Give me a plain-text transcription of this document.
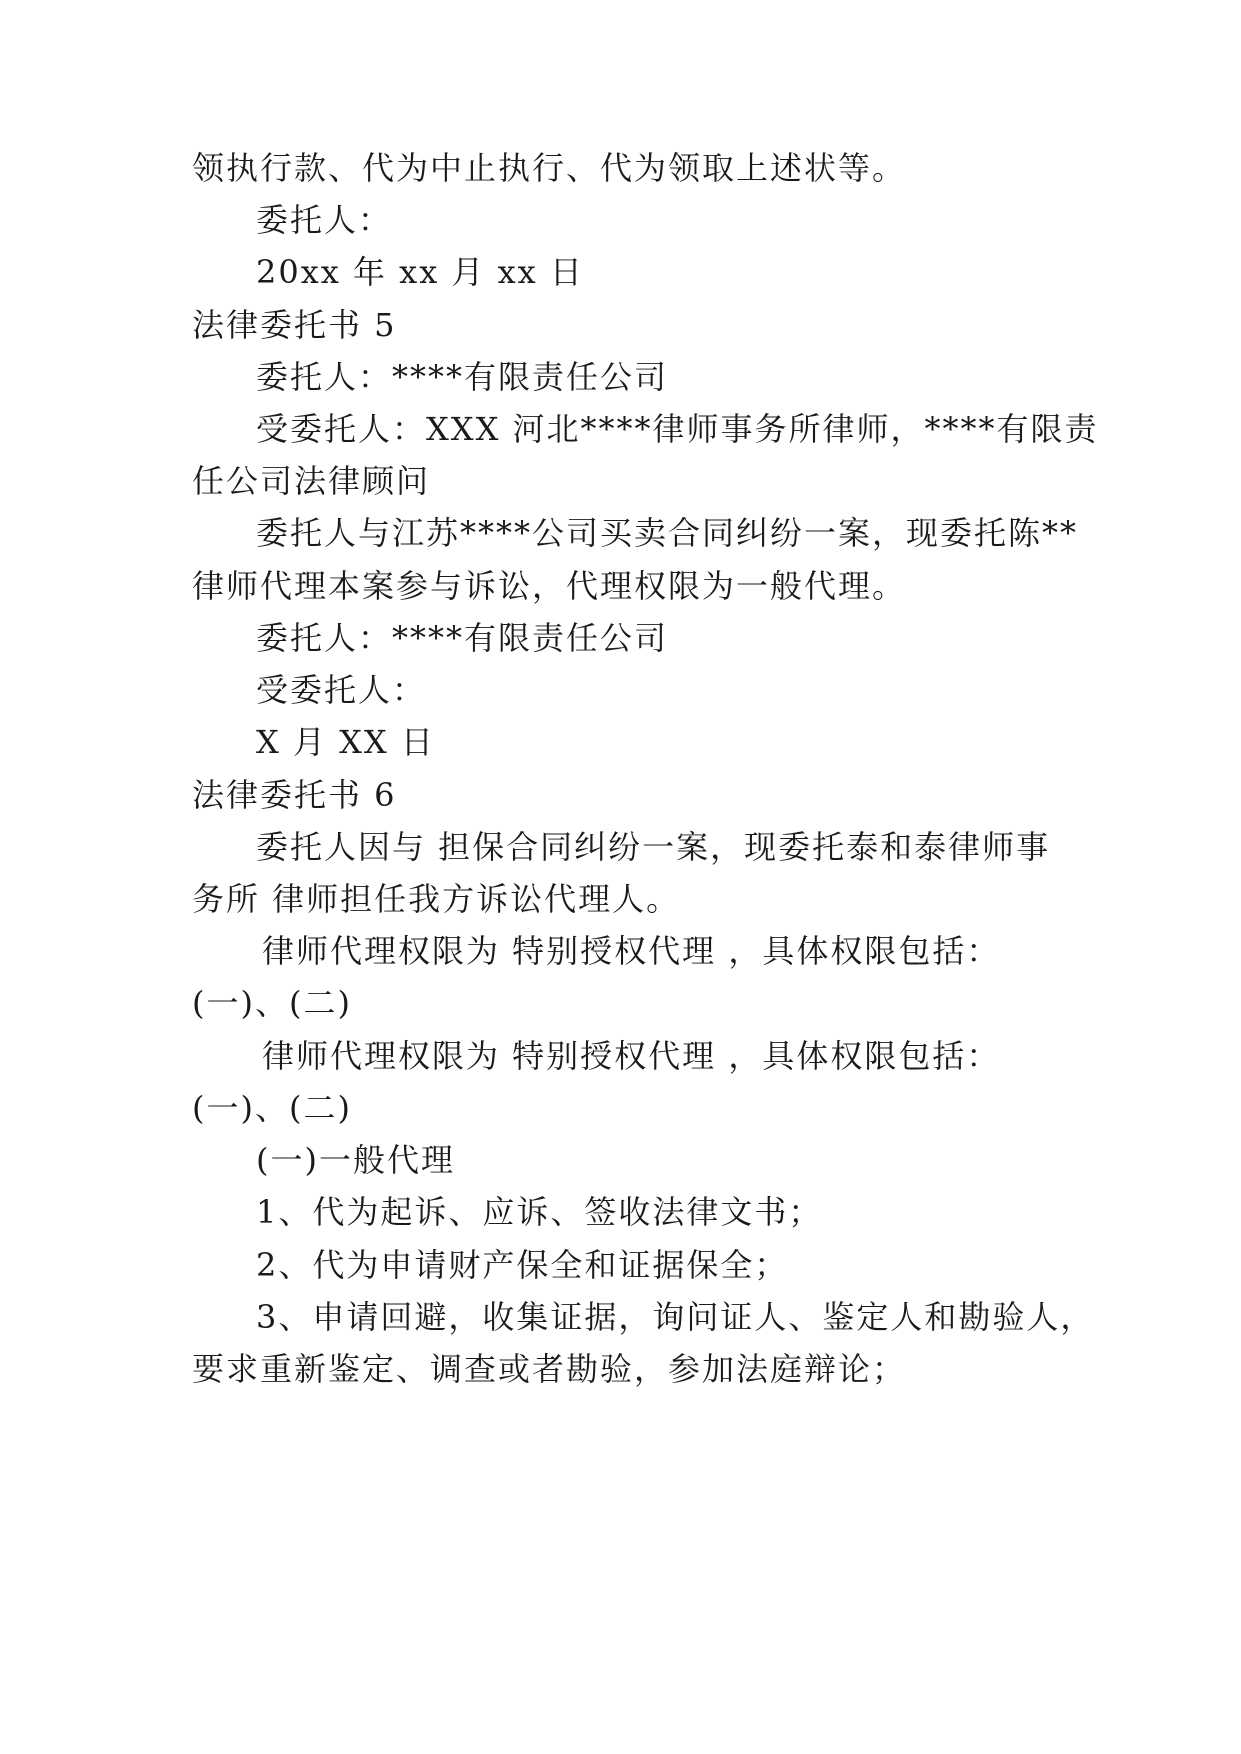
领执行款、代为中止执行、代为领取上述状等。
委托人：
20xx 年 xx 月 xx 日
法律委托书 5
委托人：****有限责任公司
受委托人：XXX 河北****律师事务所律师，****有限责
任公司法律顾问
委托人与江苏****公司买卖合同纠纷一案，现委托陈**
律师代理本案参与诉讼，代理权限为一般代理。
委托人：****有限责任公司
受委托人：
X 月 XX 日
法律委托书 6
委托人因与 担保合同纠纷一案，现委托泰和泰律师事
务所 律师担任我方诉讼代理人。
律师代理权限为 特别授权代理 ，具体权限包括：
(一)、(二)
律师代理权限为 特别授权代理 ，具体权限包括：
(一)、(二)
(一)一般代理
1、代为起诉、应诉、签收法律文书；
2、代为申请财产保全和证据保全；
3、申请回避，收集证据，询问证人、鉴定人和勘验人，
要求重新鉴定、调查或者勘验，参加法庭辩论；
